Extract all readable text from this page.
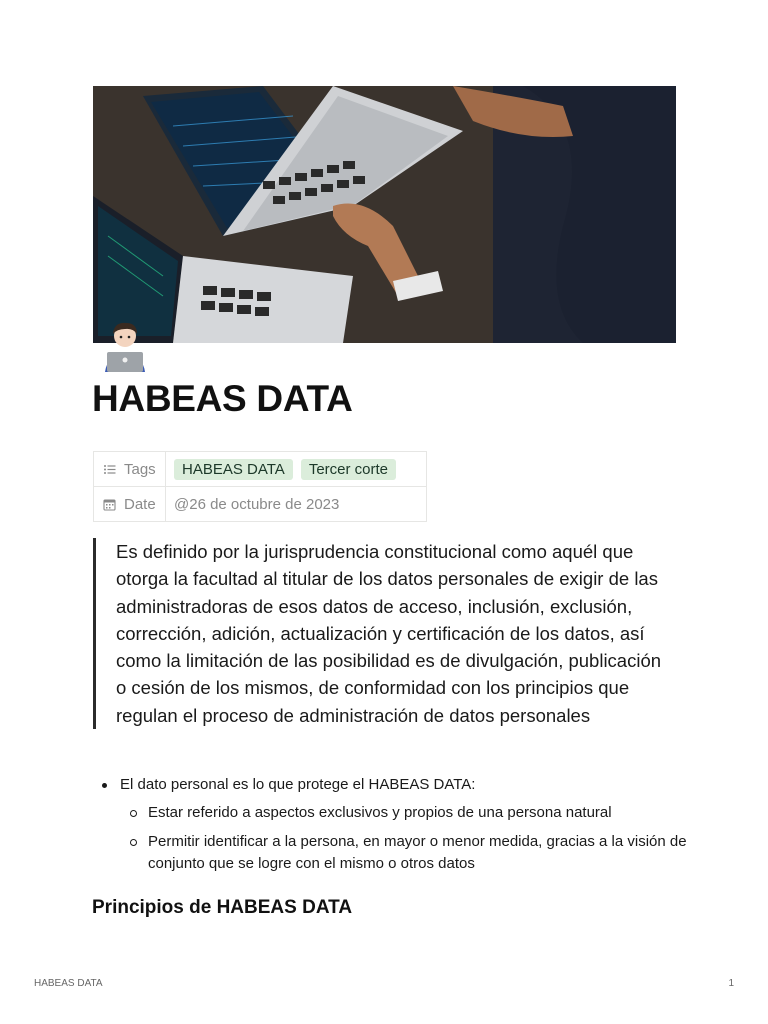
HABEAS DATA
Tags	HABEAS DATA	Tercer corte
Date @26 de octubre de 2023
Es definido por la jurisprudencia constitucional como aquél que otorga la facultad al titular de los datos personales de exigir de las administradoras de esos datos de acceso, inclusión, exclusión, corrección, adición, actualización y certificación de los datos, así como la limitación de las posibilidad es de divulgación, publicación o cesión de los mismos, de conformidad con los principios que regulan el proceso de administración de datos personales
El dato personal es lo que protege el HABEAS DATA:
Estar referido a aspectos exclusivos y propios de una persona natural
Permitir identificar a la persona, en mayor o menor medida, gracias a la visión de conjunto que se logre con el mismo o otros datos
Principios de HABEAS DATA
HABEAS DATA	1
